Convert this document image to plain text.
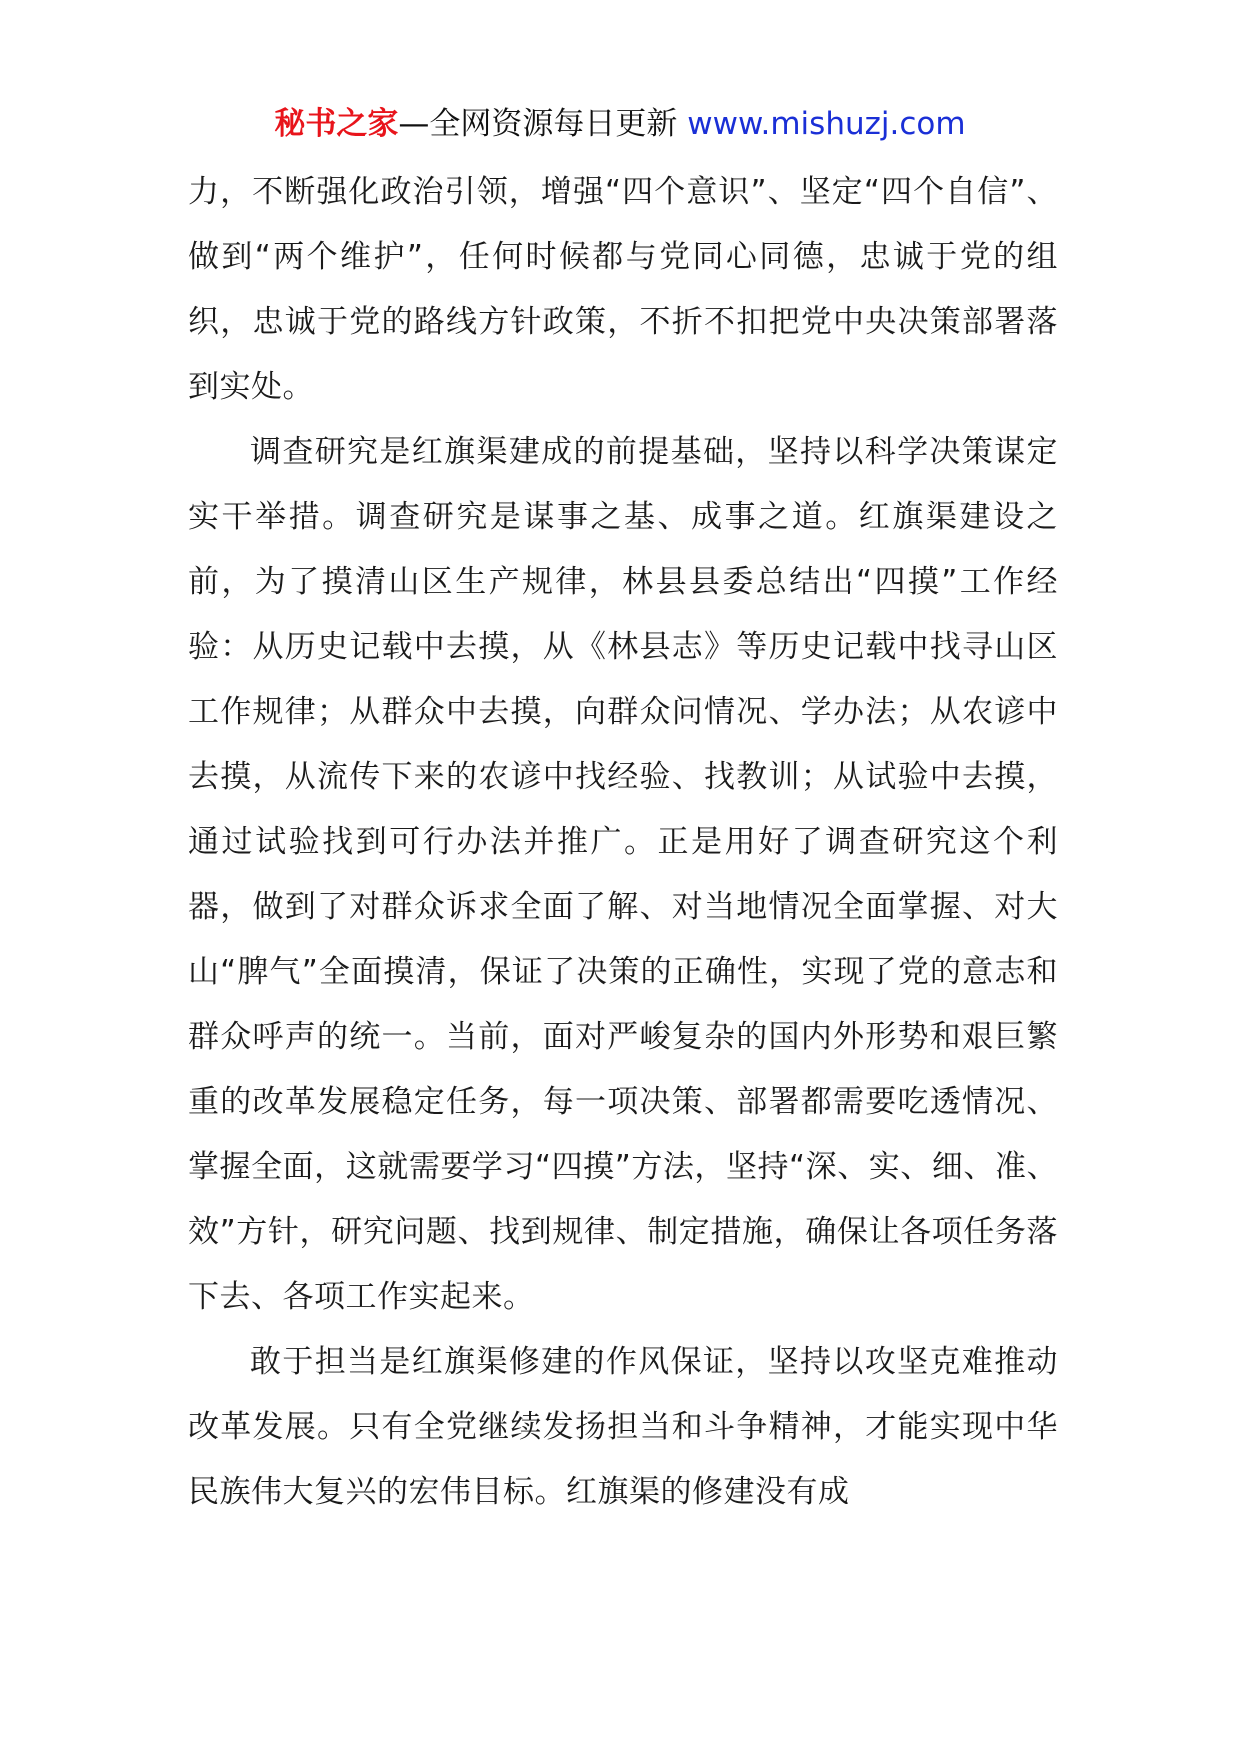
秘书之家—全网资源每日更新 www.mishuzj.com

力，不断强化政治引领，增强“四个意识”、坚定“四个自信”、做到“两个维护”，任何时候都与党同心同德，忠诚于党的组织，忠诚于党的路线方针政策，不折不扣把党中央决策部署落到实处。

调查研究是红旗渠建成的前提基础，坚持以科学决策谋定实干举措。调查研究是谋事之基、成事之道。红旗渠建设之前，为了摸清山区生产规律，林县县委总结出“四摸”工作经验：从历史记载中去摸，从《林县志》等历史记载中找寻山区工作规律；从群众中去摸，向群众问情况、学办法；从农谚中去摸，从流传下来的农谚中找经验、找教训；从试验中去摸，通过试验找到可行办法并推广。正是用好了调查研究这个利器，做到了对群众诉求全面了解、对当地情况全面掌握、对大山“脾气”全面摸清，保证了决策的正确性，实现了党的意志和群众呼声的统一。当前，面对严峻复杂的国内外形势和艰巨繁重的改革发展稳定任务，每一项决策、部署都需要吃透情况、掌握全面，这就需要学习“四摸”方法，坚持“深、实、细、准、效”方针，研究问题、找到规律、制定措施，确保让各项任务落下去、各项工作实起来。

敢于担当是红旗渠修建的作风保证，坚持以攻坚克难推动改革发展。只有全党继续发扬担当和斗争精神，才能实现中华民族伟大复兴的宏伟目标。红旗渠的修建没有成
